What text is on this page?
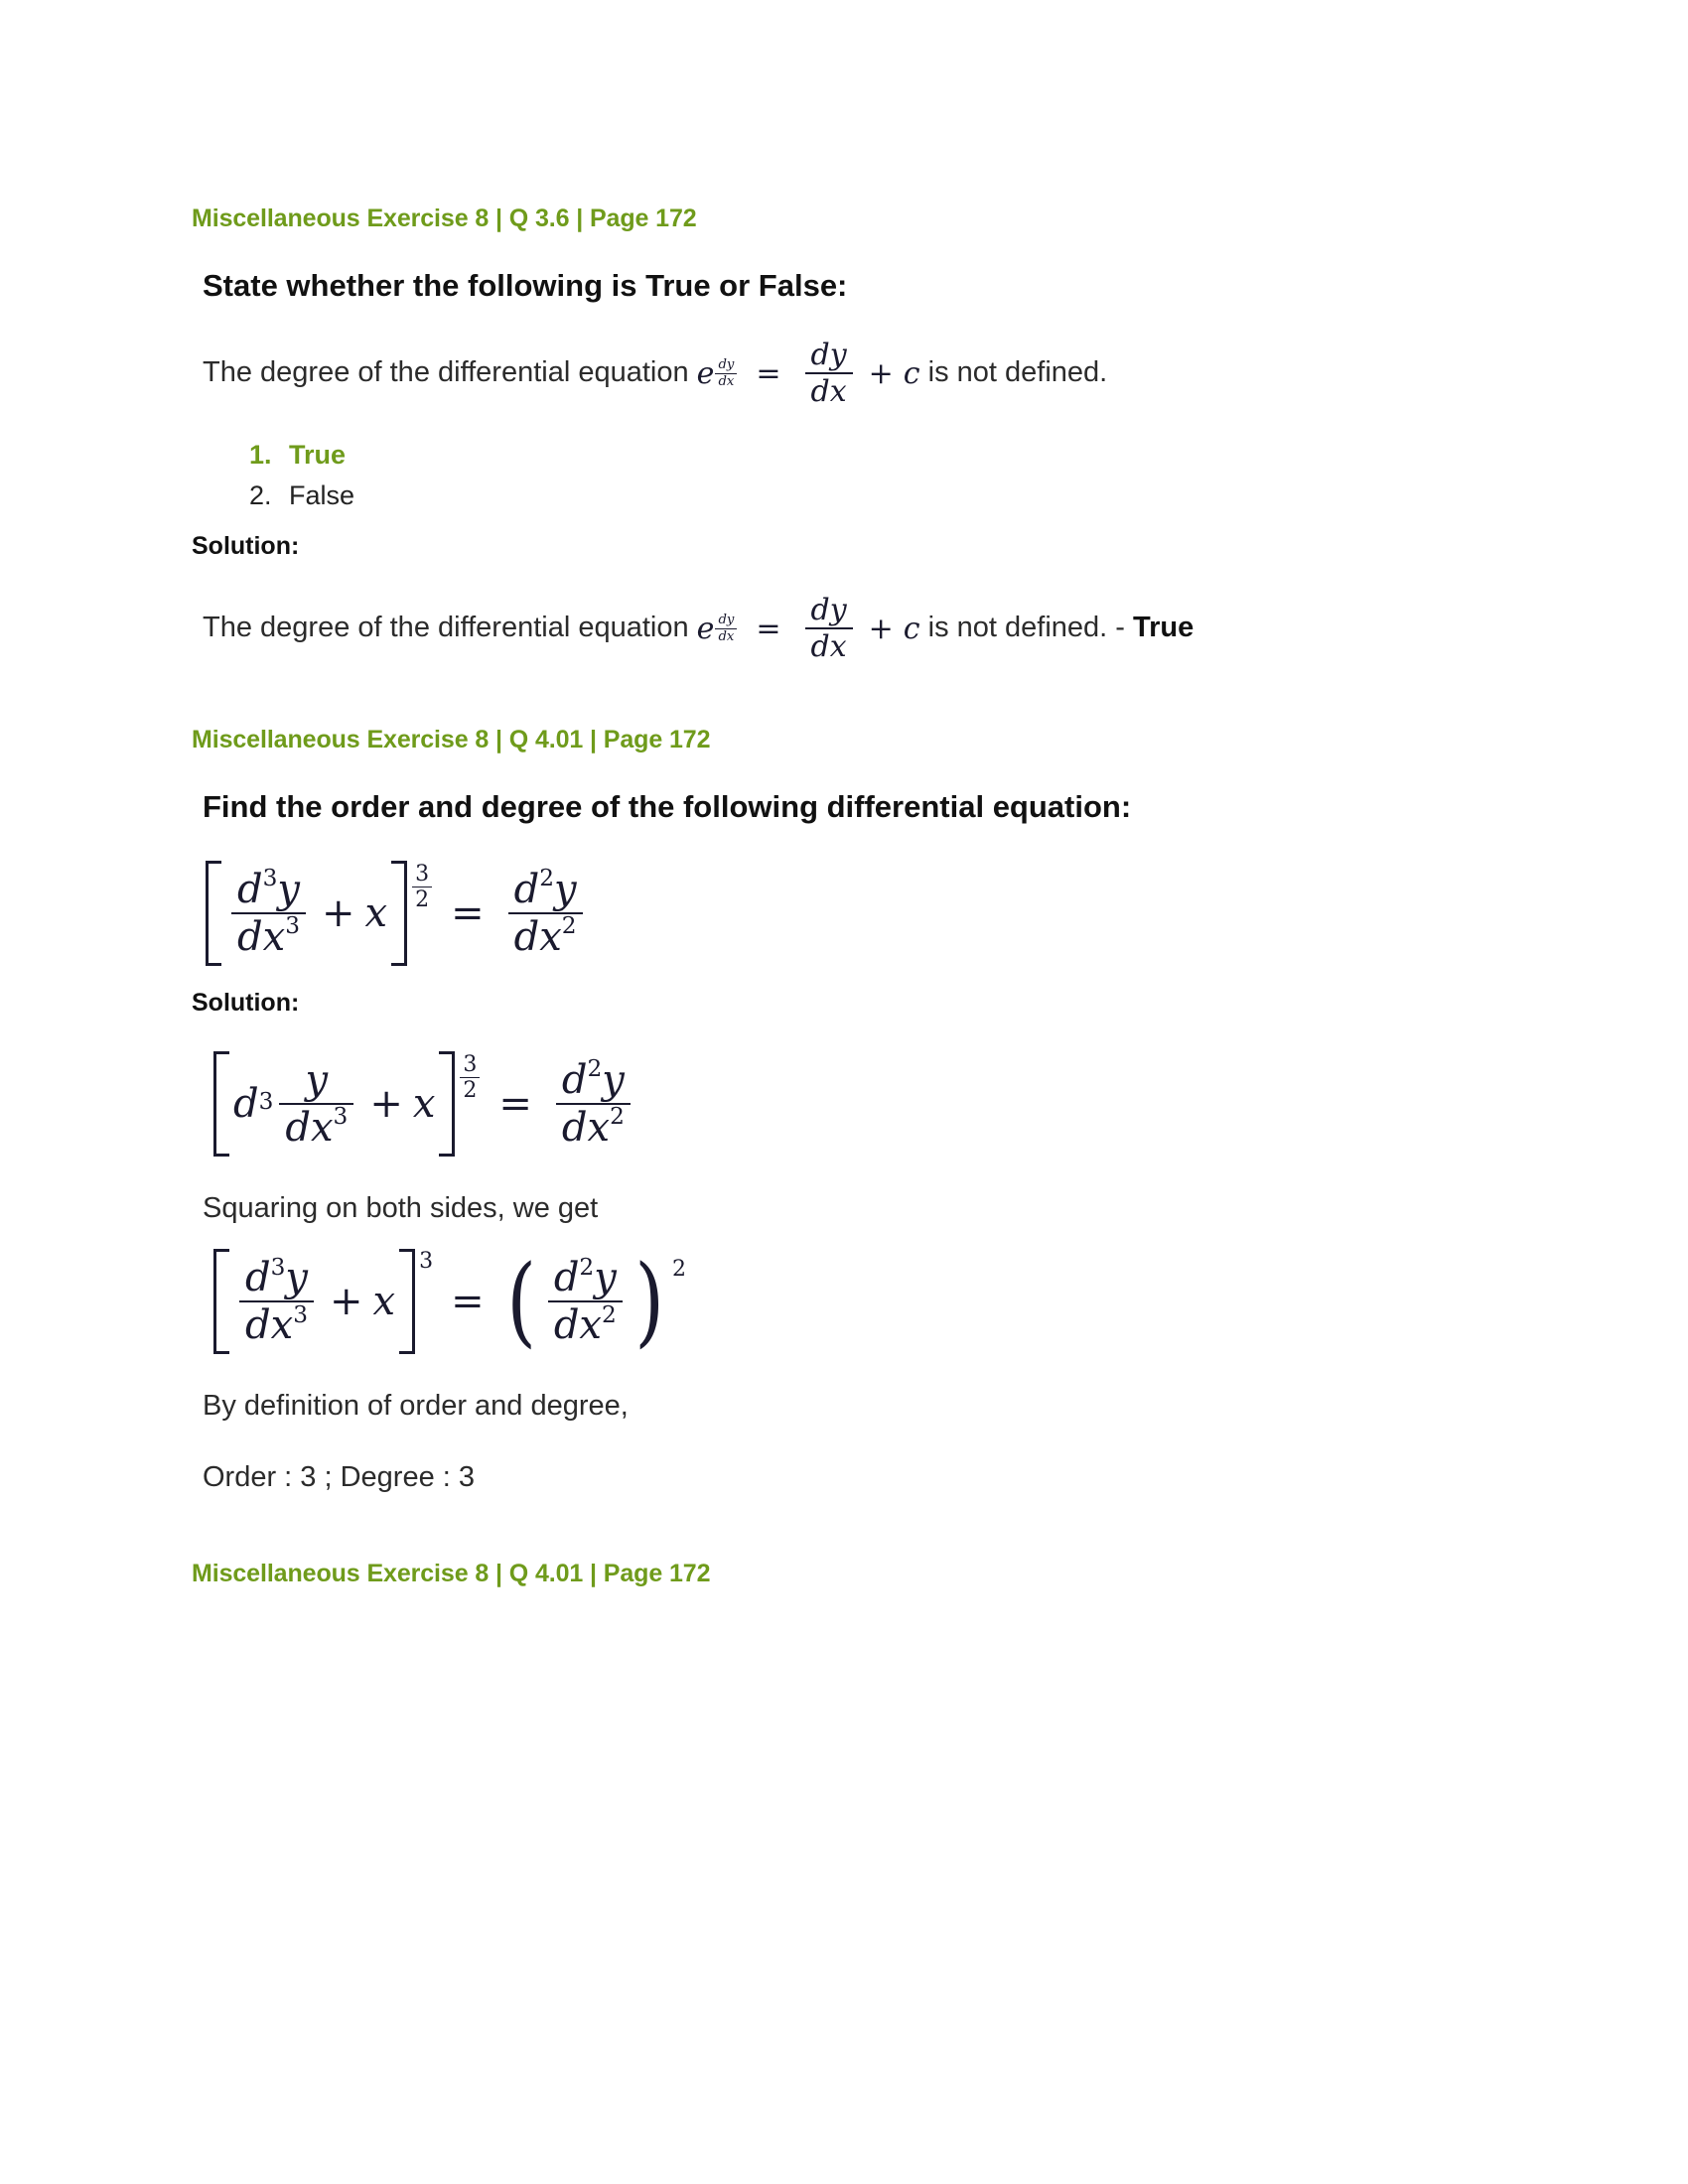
Miscellaneous Exercise 8 | Q 3.6 | Page 172
State whether the following is True or False:
The degree of the differential equation e $\frac{dy}{dx} = \frac{dy}{dx} + c$ is not defined.
1. True
2. False
Solution:
The degree of the differential equation e $\frac{dy}{dx} = \frac{dy}{dx} + c$ is not defined. - True
Miscellaneous Exercise 8 | Q 4.01 | Page 172
Find the order and degree of the following differential equation:
$\frac{d^3y}{dx^3} + x$
$\frac{3}{2}$
= $\frac{d^2y}{dx^2}$
Solution:
d $3 \frac{y}{dx^3} + x$
$\frac{3}{2}$
= $\frac{d^2y}{dx^2}$
Squaring on both sides, we get
$\frac{d^3y}{dx^3} + x$
3
= ( $\frac{d^2y}{dx^2}$ ) 2
By definition of order and degree,
Order : 3 ; Degree : 3
Miscellaneous Exercise 8 | Q 4.01 | Page 172
